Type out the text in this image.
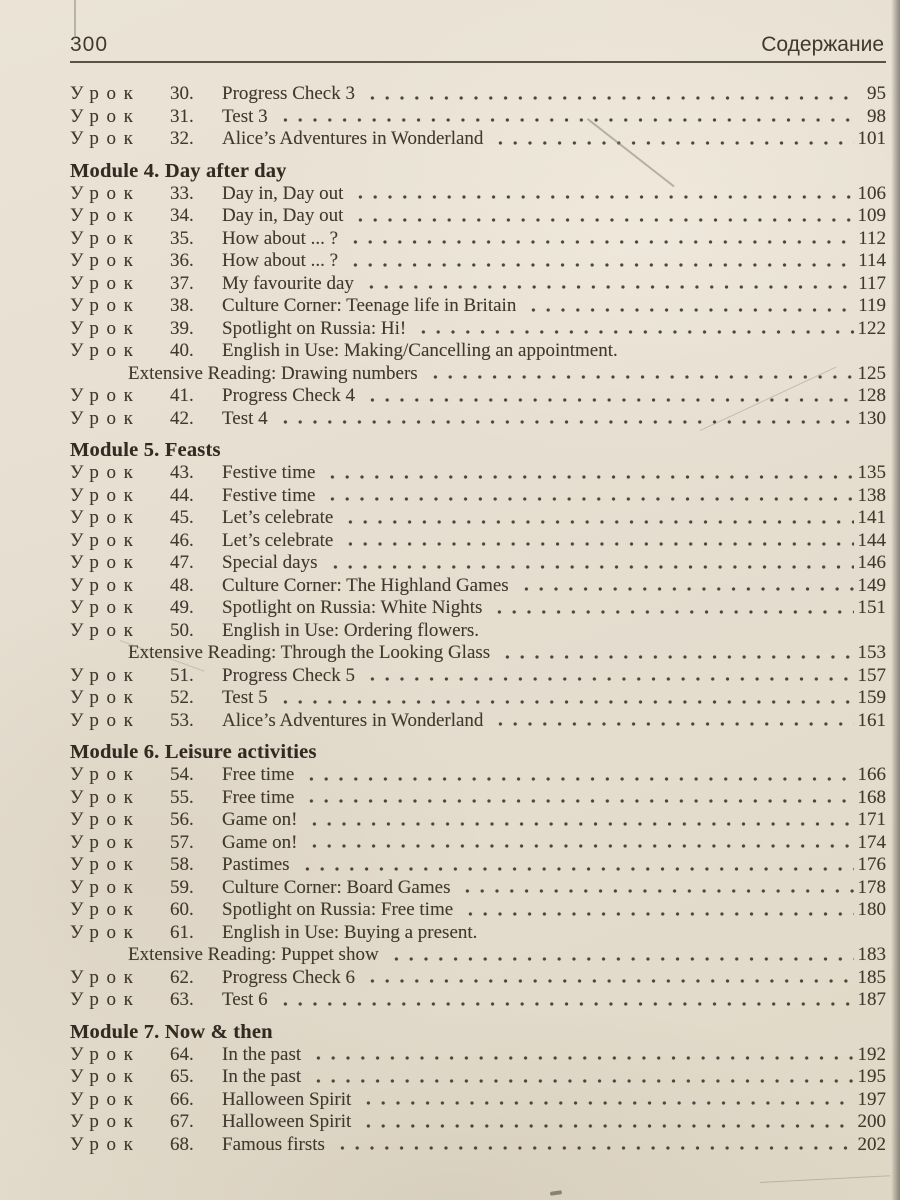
300	Содержание
Урок	30.	Progress Check 3	95
Урок	31.	Test 3	98
Урок	32.	Alice’s Adventures in Wonderland	101
Module 4. Day after day
Урок	33.	Day in, Day out	106
Урок	34.	Day in, Day out	109
Урок	35.	How about ... ?	112
Урок	36.	How about ... ?	114
Урок	37.	My favourite day	117
Урок	38.	Culture Corner: Teenage life in Britain	119
Урок	39.	Spotlight on Russia: Hi!	122
Урок	40.	English in Use: Making/Cancelling an appointment.
Extensive Reading: Drawing numbers	125
Урок	41.	Progress Check 4	128
Урок	42.	Test 4	130
Module 5. Feasts
Урок	43.	Festive time	135
Урок	44.	Festive time	138
Урок	45.	Let’s celebrate	141
Урок	46.	Let’s celebrate	144
Урок	47.	Special days	146
Урок	48.	Culture Corner: The Highland Games	149
Урок	49.	Spotlight on Russia: White Nights	151
Урок	50.	English in Use: Ordering flowers.
Extensive Reading: Through the Looking Glass	153
Урок	51.	Progress Check 5	157
Урок	52.	Test 5	159
Урок	53.	Alice’s Adventures in Wonderland	161
Module 6. Leisure activities
Урок	54.	Free time	166
Урок	55.	Free time	168
Урок	56.	Game on!	171
Урок	57.	Game on!	174
Урок	58.	Pastimes	176
Урок	59.	Culture Corner: Board Games	178
Урок	60.	Spotlight on Russia: Free time	180
Урок	61.	English in Use: Buying a present.
Extensive Reading: Puppet show	183
Урок	62.	Progress Check 6	185
Урок	63.	Test 6	187
Module 7. Now & then
Урок	64.	In the past	192
Урок	65.	In the past	195
Урок	66.	Halloween Spirit	197
Урок	67.	Halloween Spirit	200
Урок	68.	Famous firsts	202
